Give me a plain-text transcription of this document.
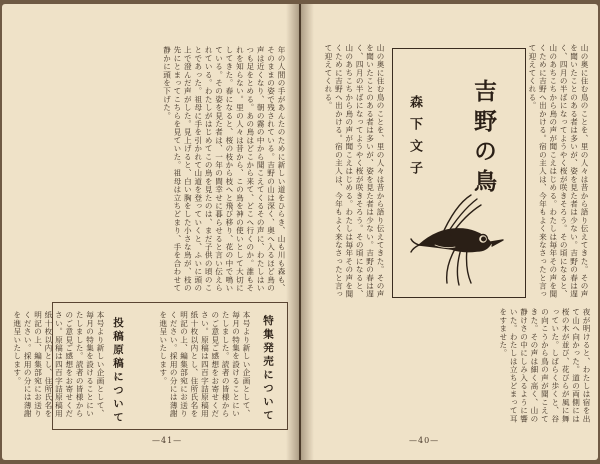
年の人間の手があんたのために新しい道をひらき、山も川も森も、そのままの姿で残されている。吉野の山は深く、奥へ入るほど鳥の声は近くなり、朝の霧の中から聞こえてくるその声に、わたしはいつも足をとめる。あの鳥はどこから来て、どこへ行くのか。誰もそれを知らない。里の人々は昔から、この鳥を神の使いとして大切にしてきた。春になると、桜の枝から枝へと飛び移り、花の中で鳴いている。その姿を見た者は、一年の間幸せに暮らせると言い伝えられている。わたしがはじめてこの鳥を見たのは、まだ子供の頃のことであった。祖母に手を引かれて山道を登っていくと、ふいに頭の上で澄んだ声がした。見上げると、白い胸をした小さな鳥が、枝の先にとまってこちらを見ていた。祖母は立ちどまり、手を合わせて静かに頭を下げた。
特集発売について
投稿原稿について	本号より新しい企画として、毎月の特集を設けることにいたしました。読者の皆様からのご意見ご感想をお寄せください。原稿は四百字詰原稿用紙十枚以内とし、住所氏名を明記の上、編集部宛にお送りください。採用の分には薄謝を進呈いたします。
本号より新しい企画として、毎月の特集を設けることにいたしました。読者の皆様からのご意見ご感想をお寄せください。原稿は四百字詰原稿用紙十枚以内とし、住所氏名を明記の上、編集部宛にお送りください。採用の分には薄謝を進呈いたします。
—41—
山の奥に住む鳥のことを、里の人々は昔から語り伝えてきた。その声を聞いたことのある者は多いが、姿を見た者は少ない。吉野の春は遅く、四月の半ばになってようやく桜が咲きそろう。その頃になると、山のあちこちから鳥の声が聞こえはじめる。わたしは毎年その声を聞くために吉野へ出かける。宿の主人は、今年もよく来なさったと言って迎えてくれる。	山の奥に住む鳥のことを、里の人々は昔から語り伝えてきた。その声を聞いたことのある者は多いが、姿を見た者は少ない。吉野の春は遅く、四月の半ばになってようやく桜が咲きそろう。その頃になると、山のあちこちから鳥の声が聞こえはじめる。わたしは毎年その声を聞くために吉野へ出かける。宿の主人は、今年もよく来なさったと言って迎えてくれる。
夜が明けると、わたしは宿を出て山へ向かった。道の両側には桜の木が並び、花びらが風に舞っていた。しばらく歩くと、谷の向こうから鳥の声が聞こえてきた。その声は細く高く、山の静けさの中にしみ入るように響いた。わたしは立ちどまって耳をすませた。
—40—
吉野の鳥
森下文子
